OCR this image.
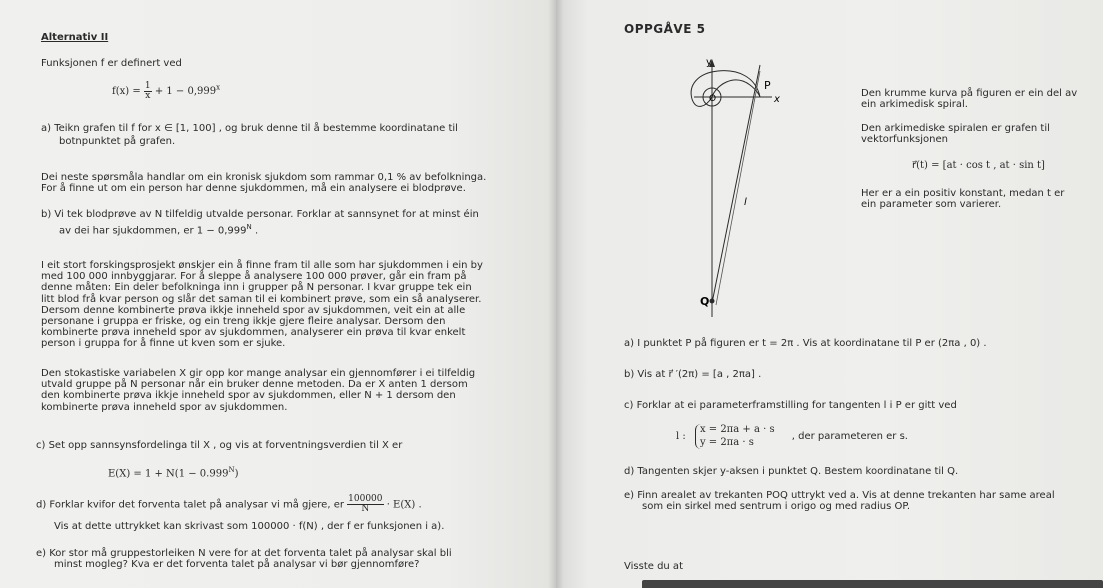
Alternativ II

Funksjonen f er definert ved

$f(x) = \frac{1}{x} + 1 - 0,999^x$
a) Teikn grafen til f for x ∈ [1, 100] , og bruk denne til å bestemme koordinatane til
botnpunktet på grafen.
Dei neste spørsmåla handlar om ein kronisk sjukdom som rammar 0,1 % av befolkninga.
For å finne ut om ein person har denne sjukdommen, må ein analysere ei blodprøve.
b) Vi tek blodprøve av N tilfeldig utvalde personar. Forklar at sannsynet for at minst éin
av dei har sjukdommen, er $1 - 0,999^N$ .
I eit stort forskingsprosjekt ønskjer ein å finne fram til alle som har sjukdommen i ein by
med 100 000 innbyggjarar. For å sleppe å analysere 100 000 prøver, går ein fram på
denne måten: Ein deler befolkninga inn i grupper på N personar. I kvar gruppe tek ein
litt blod frå kvar person og slår det saman til ei kombinert prøve, som ein så analyserer.
Dersom denne kombinerte prøva ikkje inneheld spor av sjukdommen, veit ein at alle
personane i gruppa er friske, og ein treng ikkje gjere fleire analysar. Dersom den
kombinerte prøva inneheld spor av sjukdommen, analyserer ein prøva til kvar enkelt
person i gruppa for å finne ut kven som er sjuke.
Den stokastiske variabelen X gir opp kor mange analysar ein gjennomfører i ei tilfeldig
utvald gruppe på N personar når ein bruker denne metoden. Da er X anten 1 dersom
den kombinerte prøva ikkje inneheld spor av sjukdommen, eller N + 1 dersom den
kombinerte prøva inneheld spor av sjukdommen.

c) Set opp sannsynsfordelinga til X , og vis at forventningsverdien til X er

$E(X) = 1 + N(1 - 0.999^N)$
d) Forklar kvifor det forventa talet på analysar vi må gjere, er $\frac{100000}{N} \cdot E(X)$ .

Vis at dette uttrykket kan skrivast som 100000 · f(N) , der f er funksjonen i a).

e) Kor stor må gruppestorleiken N vere for at det forventa talet på analysar skal bli
minst mogleg? Kva er det forventa talet på analysar vi bør gjennomføre?

OPPGÅVE 5

y
x
O
P
l
Q
Den krumme kurva på figuren er ein del av
ein arkimedisk spiral.
Den arkimediske spiralen er grafen til
vektorfunksjonen

r⃗(t) = [at · cos t , at · sin t]

Her er a ein positiv konstant, medan t er
ein parameter som varierer.

a) I punktet P på figuren er t = 2π . Vis at koordinatane til P er (2πa , 0) .

b) Vis at r⃗ ′(2π) = [a , 2πa] .

c) Forklar at ei parameterframstilling for tangenten l i P er gitt ved

l :
x = 2πa + a · s
y = 2πa · s
, der parameteren er s.

d) Tangenten skjer y-aksen i punktet Q. Bestem koordinatane til Q.

e) Finn arealet av trekanten POQ uttrykt ved a. Vis at denne trekanten har same areal
som ein sirkel med sentrum i origo og med radius OP.

Visste du at
